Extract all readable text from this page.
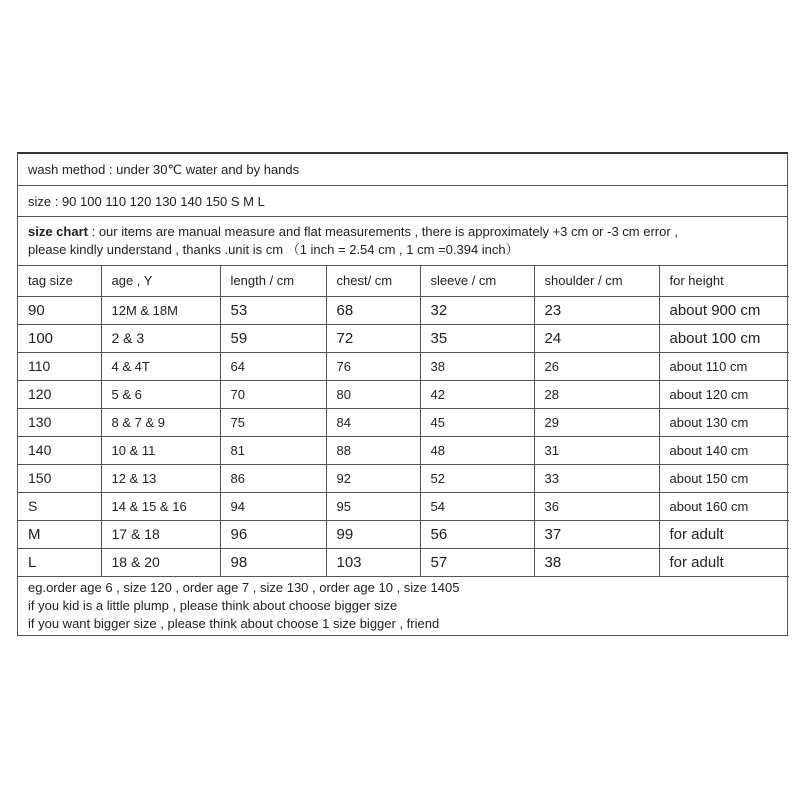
wash method : under 30℃ water and by hands
size : 90 100 110 120 130 140 150 S M L
size chart : our items are manual measure and flat measurements , there is approximately +3 cm or -3 cm error ,
please kindly understand , thanks .unit is cm （1 inch = 2.54 cm , 1 cm =0.394 inch）
tag size	age , Y	length / cm	chest/ cm	sleeve / cm	shoulder / cm	for height
90	12M & 18M	53	68	32	23	about 900 cm
100	2 & 3	59	72	35	24	about 100 cm
110	4 & 4T	64	76	38	26	about 110 cm
120	5 & 6	70	80	42	28	about 120 cm
130	8 & 7 & 9	75	84	45	29	about 130 cm
140	10 & 11	81	88	48	31	about 140 cm
150	12 & 13	86	92	52	33	about 150 cm
S	14 & 15 & 16	94	95	54	36	about 160 cm
M	17 & 18	96	99	56	37	for adult
L	18 & 20	98	103	57	38	for adult
eg.order age 6 , size 120 , order age 7 , size 130 , order age 10 , size 1405
if you kid is a little plump , please think about choose bigger size
if you want bigger size , please think about choose 1 size bigger , friend
